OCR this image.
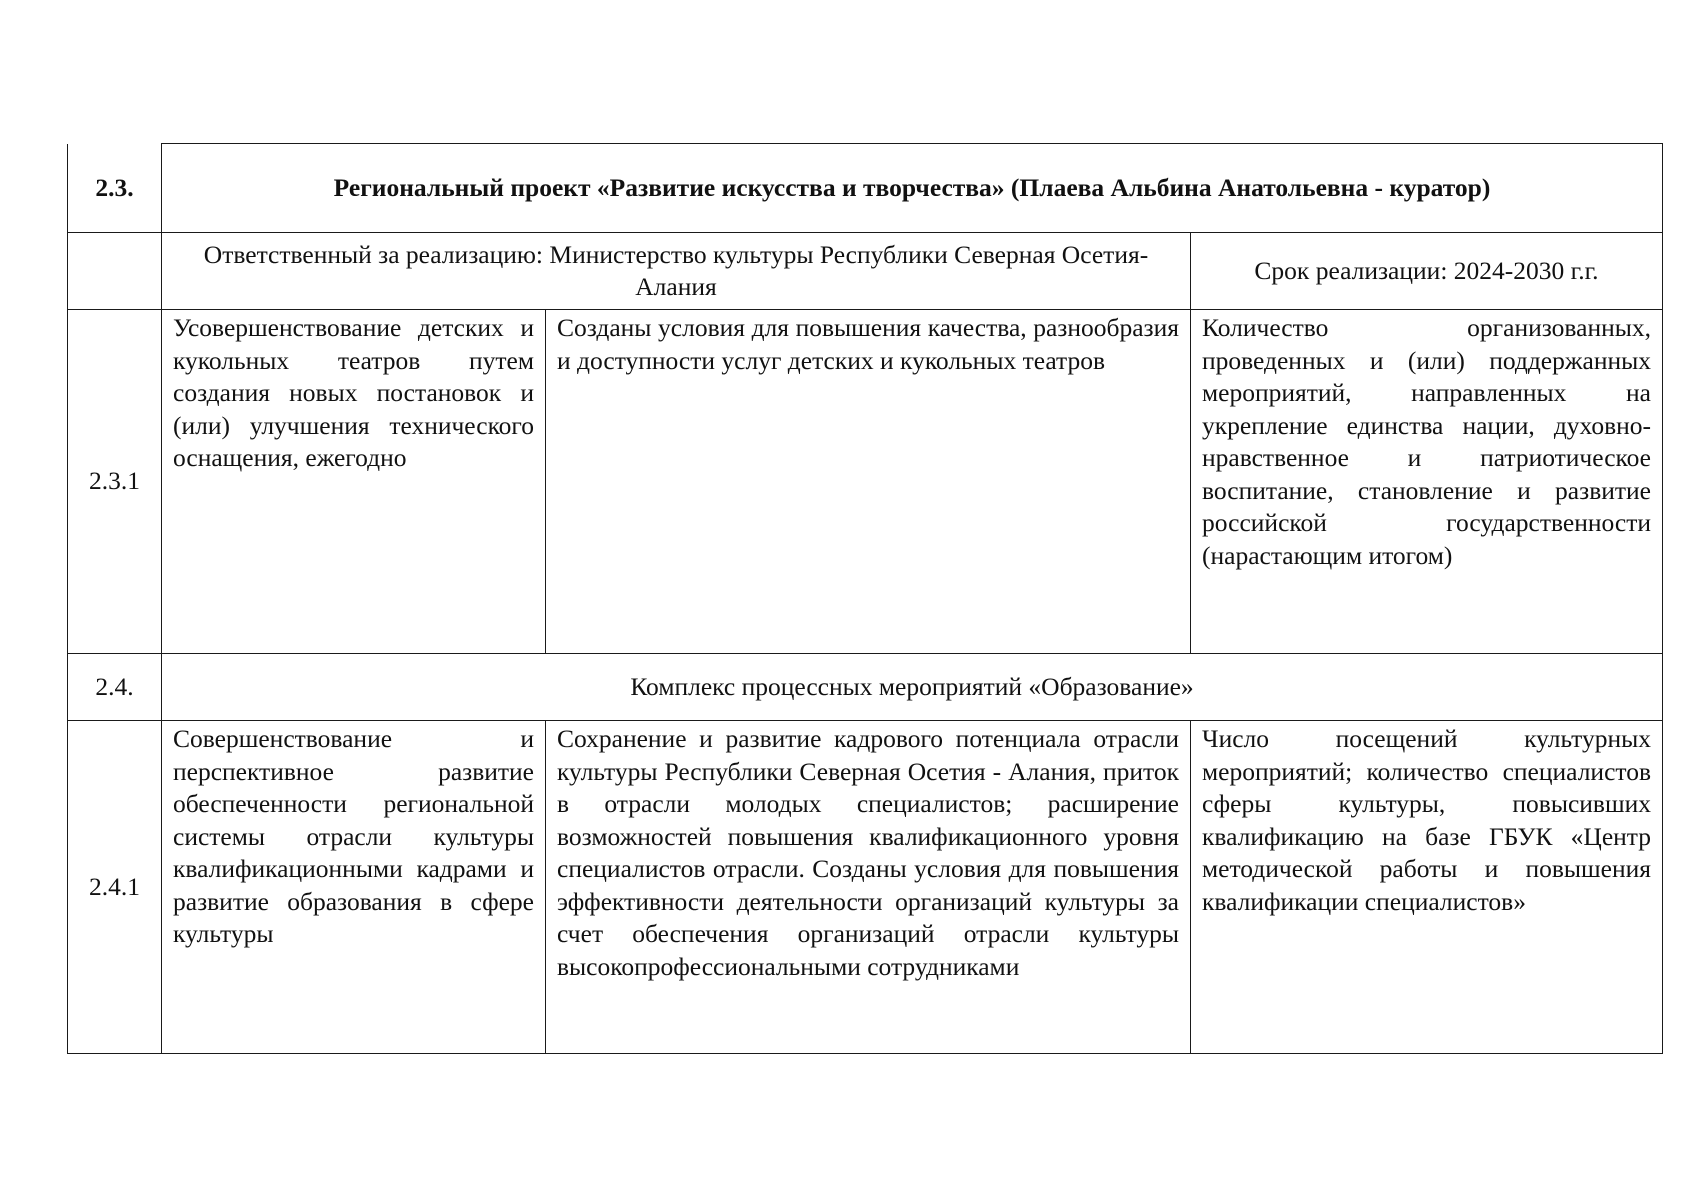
2.3.	Региональный проект «Развитие искусства и творчества» (Плаева Альбина Анатольевна - куратор)		
	Ответственный за реализацию: Министерство культуры Республики Северная Осетия-Алания		Срок реализации: 2024-2030 г.г.
2.3.1	Усовершенствование детских и кукольных театров путем создания новых постановок и (или) улучшения технического оснащения, ежегодно	Созданы условия для повышения качества, разнообразия и доступности услуг детских и кукольных театров	Количество организованных, проведенных и (или) поддержанных мероприятий, направленных на укрепление единства нации, духовно-нравственное и патриотическое воспитание, становление и развитие российской государственности (нарастающим итогом)

2.4.	Комплекс процессных мероприятий «Образование»		
2.4.1	Совершенствование и перспективное развитие обеспеченности региональной системы отрасли культуры квалификационными кадрами и развитие образования в сфере культуры	Сохранение и развитие кадрового потенциала отрасли культуры Республики Северная Осетия - Алания, приток в отрасли молодых специалистов; расширение возможностей повышения квалификационного уровня специалистов отрасли. Созданы условия для повышения эффективности деятельности организаций культуры за счет обеспечения организаций отрасли культуры высокопрофессиональными сотрудниками	Число посещений культурных мероприятий; количество специалистов сферы культуры, повысивших квалификацию на базе ГБУК «Центр методической работы и повышения квалификации специалистов»
